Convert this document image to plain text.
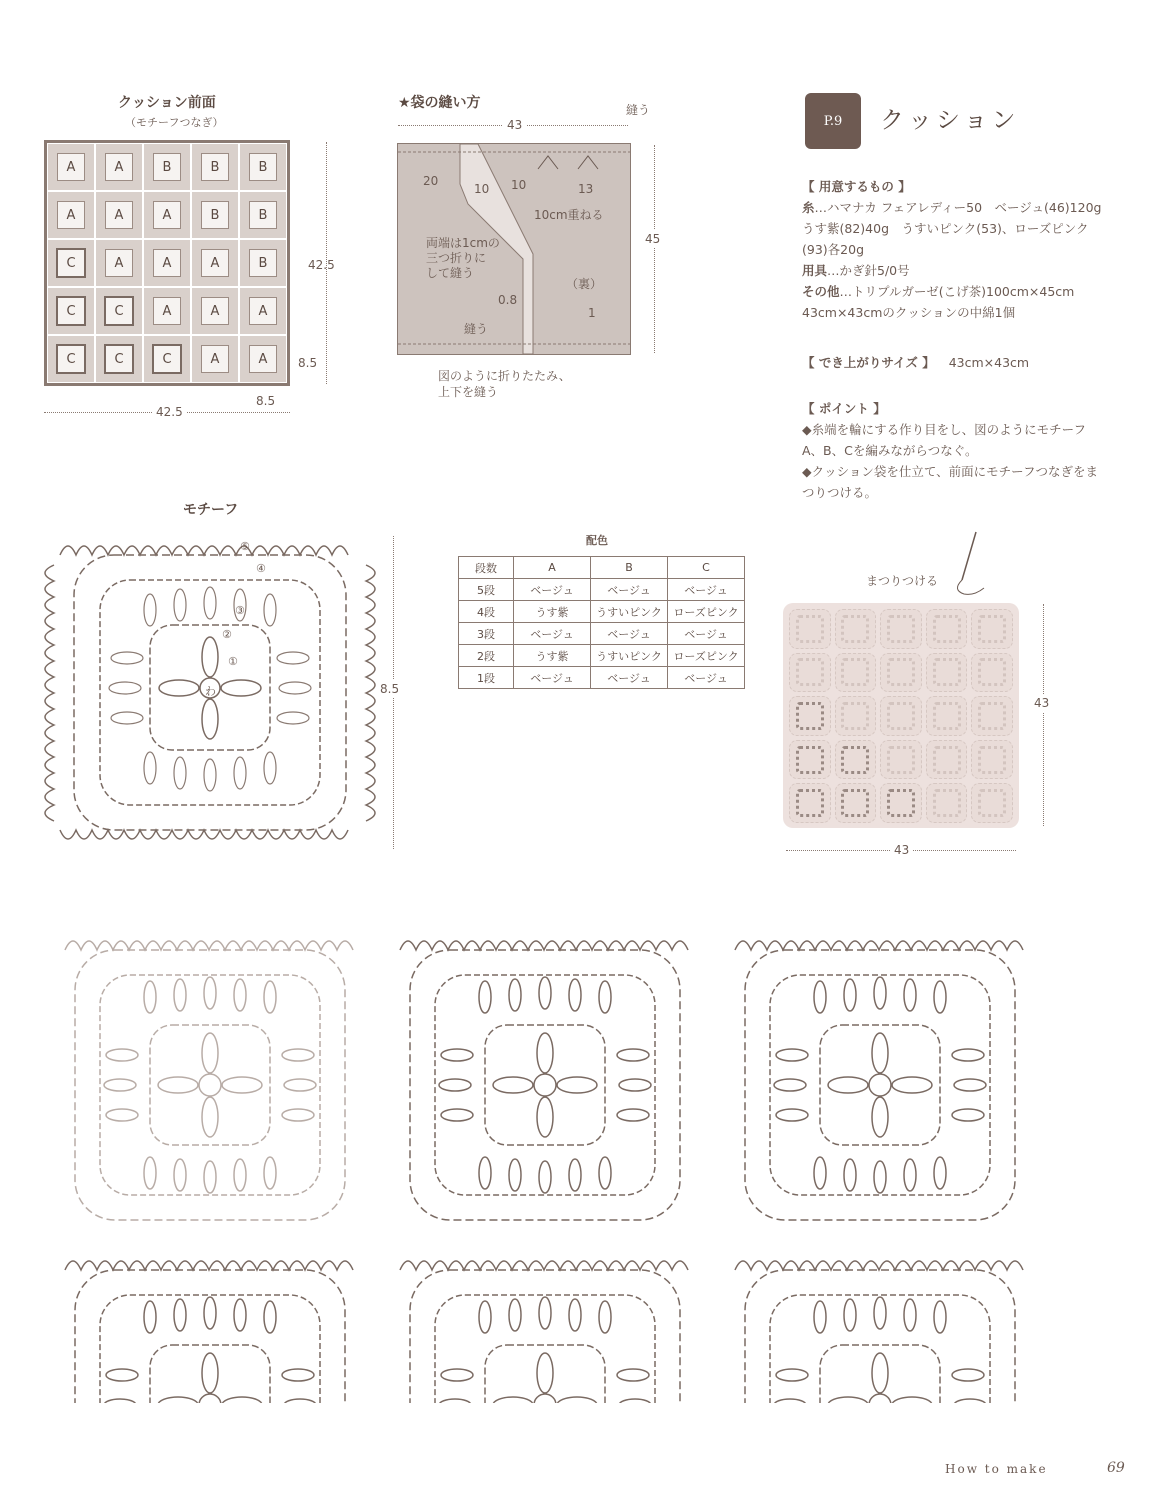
クッション前面
（モチーフつなぎ）
A	A	B	B	B
A	A	A	B	B
C	A	A	A	B
C	C	A	A	A
C	C	C	A	A
42.5
42.5
8.5
8.5
★袋の縫い方
43
縫う
20
10 10	13
10cm重ねる
両端は1cmの
三つ折りに
して縫う
（裏）
0.8
1
縫う
45
図のように折りたたみ、
上下を縫う
P.9	クッション
【 用意するもの 】
糸…ハマナカ フェアレディー50　ベージュ(46)120g　うす紫(82)40g　うすいピンク(53)、ローズピンク(93)各20g
用具…かぎ針5/0号
その他…トリプルガーゼ(こげ茶)100cm×45cm　43cm×43cmのクッションの中綿1個
【 でき上がりサイズ 】 43cm×43cm
【 ポイント 】
◆糸端を輪にする作り目をし、図のようにモチーフA、B、Cを編みながらつなぐ。
◆クッション袋を仕立て、前面にモチーフつなぎをまつりつける。
モチーフ
わ
①
②
③
④
⑤
8.5
配色
段数	A	B	C
5段	ベージュ	ベージュ	ベージュ
4段	うす紫	うすいピンク	ローズピンク
3段	ベージュ	ベージュ	ベージュ
2段	うす紫	うすいピンク	ローズピンク
1段	ベージュ	ベージュ	ベージュ
まつりつける
43
43
How to make	69
